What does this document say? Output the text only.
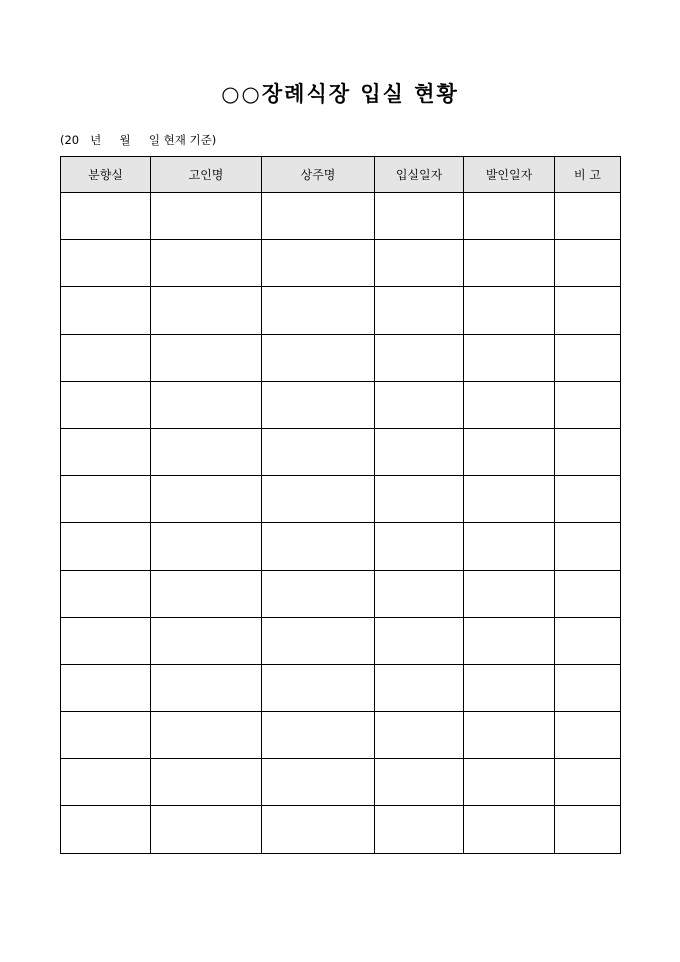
○○장례식장 입실 현황
(20   년     월     일 현재 기준)
분향실	고인명	상주명	입실일자	발인일자	비 고
